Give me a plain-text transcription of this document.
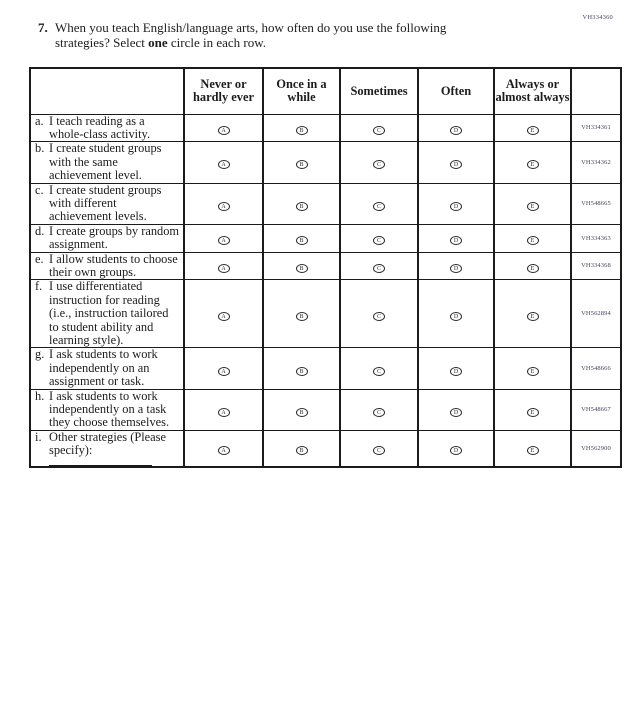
VH334360
7. When you teach English/language arts, how often do you use the following strategies? Select one circle in each row.
	Never or hardly ever	Once in a while	Sometimes	Often	Always or almost always	

a. I teach reading as a whole-class activity.	A	B	C	D	E	VH334361

b. I create student groups with the same achievement level.	A	B	C	D	E	VH334362

c. I create student groups with different achievement levels.	A	B	C	D	E	VH548665

d. I create groups by random assignment.	A	B	C	D	E	VH334363

e. I allow students to choose their own groups.	A	B	C	D	E	VH334368

f. I use differentiated instruction for reading (i.e., instruction tailored to student ability and learning style).	A	B	C	D	E	VH562894

g. I ask students to work independently on an assignment or task.	A	B	C	D	E	VH548666

h. I ask students to work independently on a task they choose themselves.	A	B	C	D	E	VH548667

i. Other strategies (Please specify):	A	B	C	D	E	VH562900
